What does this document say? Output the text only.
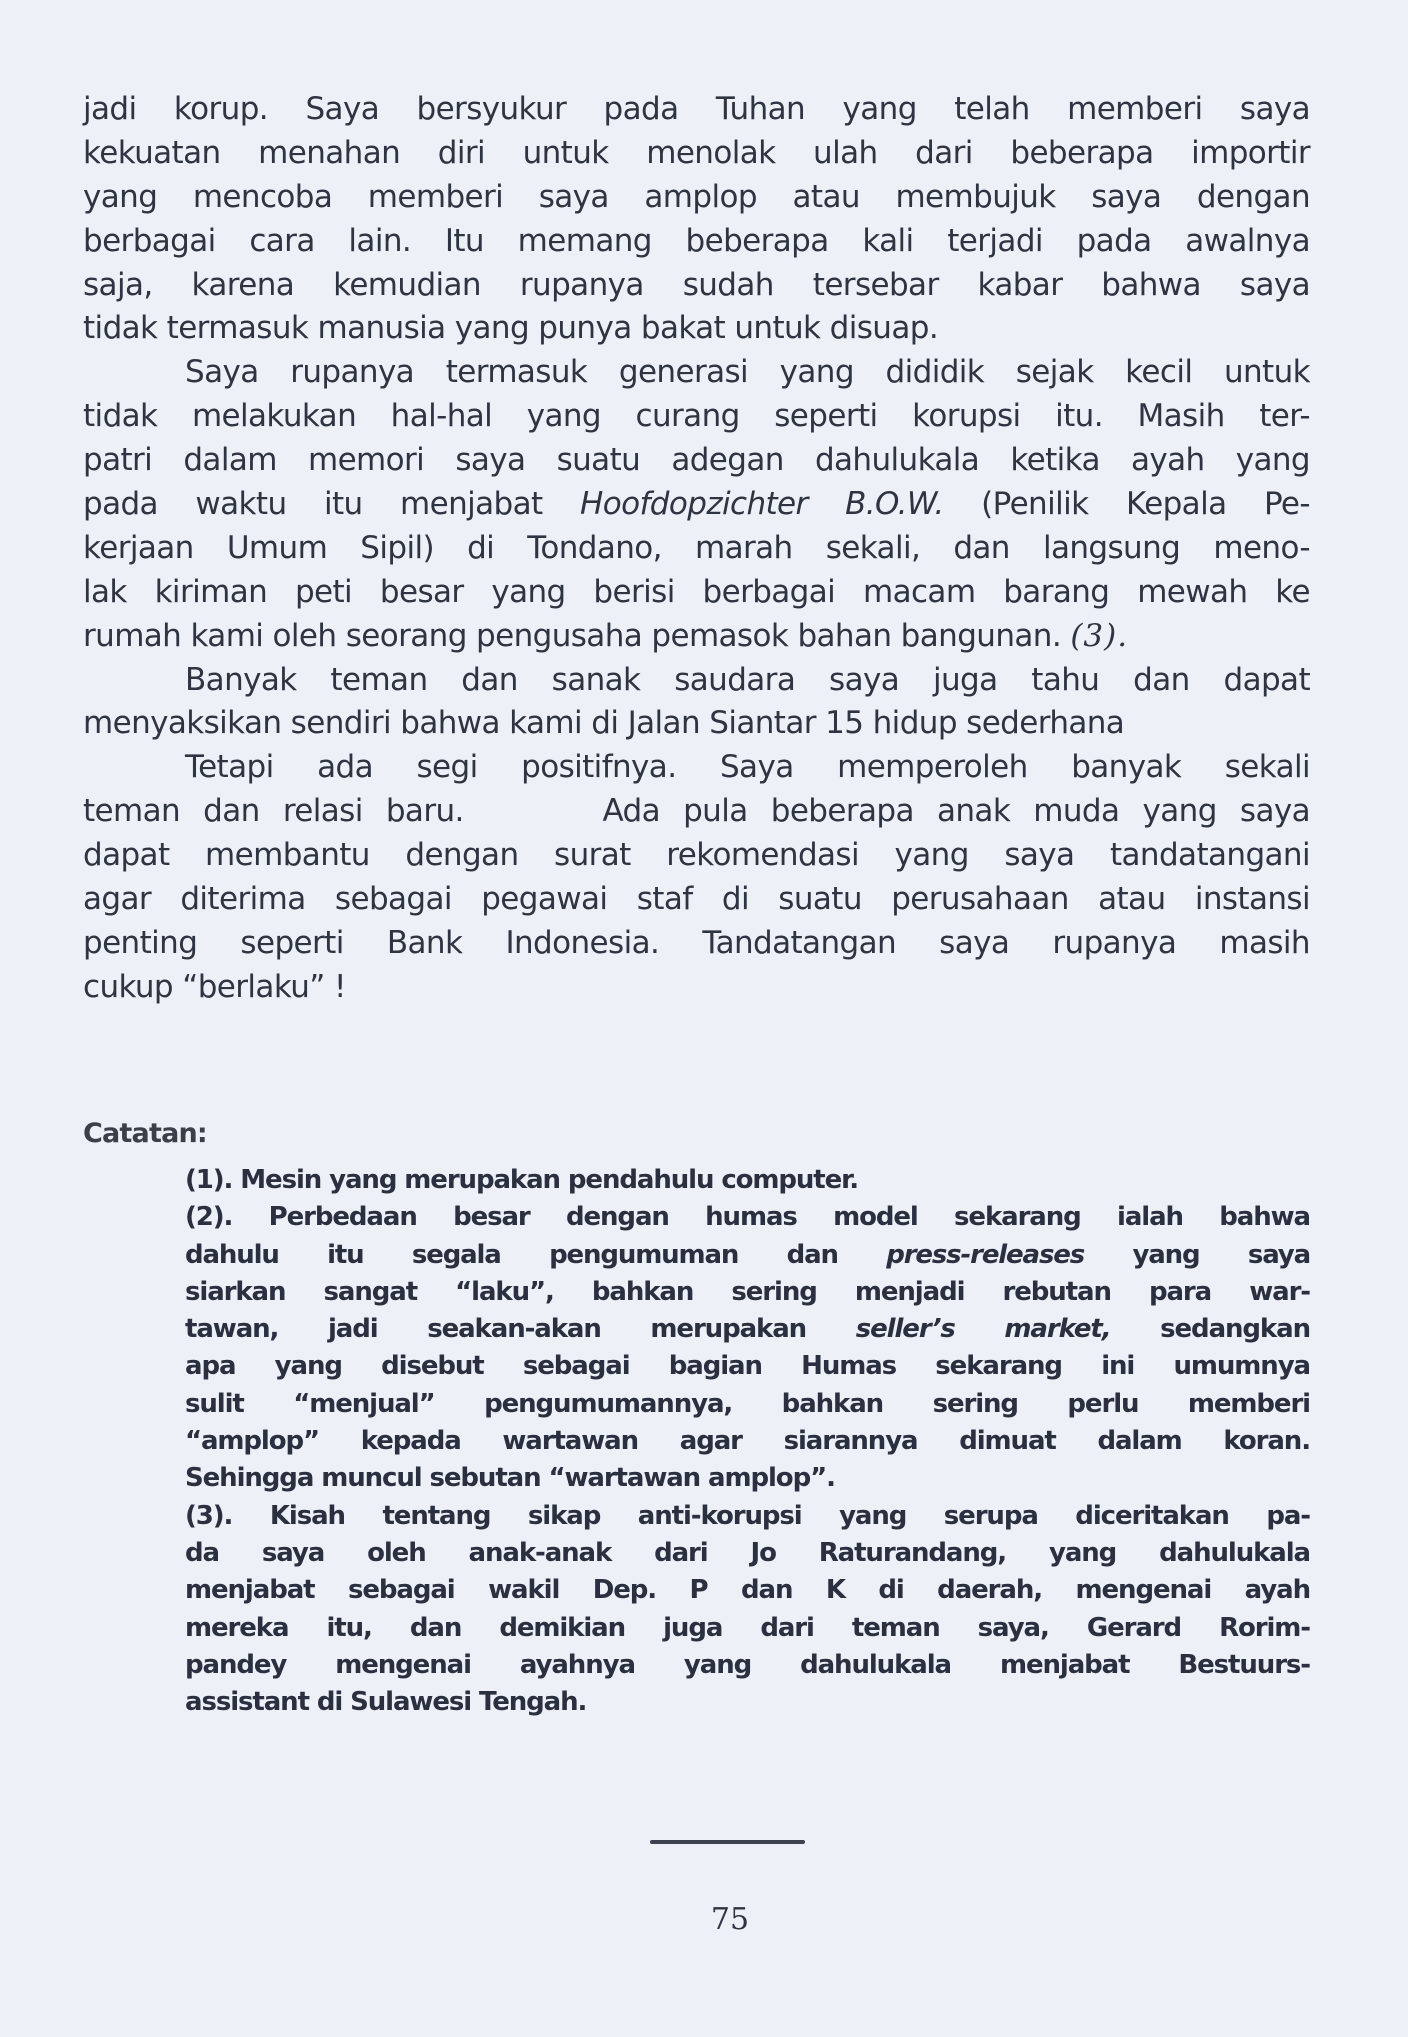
jadi korup. Saya bersyukur pada Tuhan yang telah memberi saya
kekuatan menahan diri untuk menolak ulah dari beberapa importir
yang mencoba memberi saya amplop atau membujuk saya dengan
berbagai cara lain. Itu memang beberapa kali terjadi pada awalnya
saja, karena kemudian rupanya sudah tersebar kabar bahwa saya
tidak termasuk manusia yang punya bakat untuk disuap.
Saya rupanya termasuk generasi yang dididik sejak kecil untuk
tidak melakukan hal-hal yang curang seperti korupsi itu. Masih ter-
patri dalam memori saya suatu adegan dahulukala ketika ayah yang
pada waktu itu menjabat Hoofdopzichter B.O.W. (Penilik Kepala Pe-
kerjaan Umum Sipil) di Tondano, marah sekali, dan langsung meno-
lak kiriman peti besar yang berisi berbagai macam barang mewah ke
rumah kami oleh seorang pengusaha pemasok bahan bangunan. (3).
Banyak teman dan sanak saudara saya juga tahu dan dapat
menyaksikan sendiri bahwa kami di Jalan Siantar 15 hidup sederhana
Tetapi ada segi positifnya. Saya memperoleh banyak sekali
teman dan relasi baru.      Ada pula beberapa anak muda yang saya
dapat membantu dengan surat rekomendasi yang saya tandatangani
agar diterima sebagai pegawai staf di suatu perusahaan atau instansi
penting seperti Bank Indonesia. Tandatangan saya rupanya masih
cukup “berlaku” !
Catatan:
(1). Mesin yang merupakan pendahulu computer.
(2). Perbedaan besar dengan humas model sekarang ialah bahwa
dahulu itu segala pengumuman dan press-releases yang saya
siarkan sangat “laku”, bahkan sering menjadi rebutan para war-
tawan, jadi seakan-akan merupakan seller’s market, sedangkan
apa yang disebut sebagai bagian Humas sekarang ini umumnya
sulit “menjual” pengumumannya, bahkan sering perlu memberi
“amplop” kepada wartawan agar siarannya dimuat dalam koran.
Sehingga muncul sebutan “wartawan amplop”.
(3). Kisah tentang sikap anti-korupsi yang serupa diceritakan pa-
da saya oleh anak-anak dari Jo Raturandang, yang dahulukala
menjabat sebagai wakil Dep. P dan K di daerah, mengenai ayah
mereka itu, dan demikian juga dari teman saya, Gerard Rorim-
pandey mengenai ayahnya yang dahulukala menjabat Bestuurs-
assistant di Sulawesi Tengah.
75
